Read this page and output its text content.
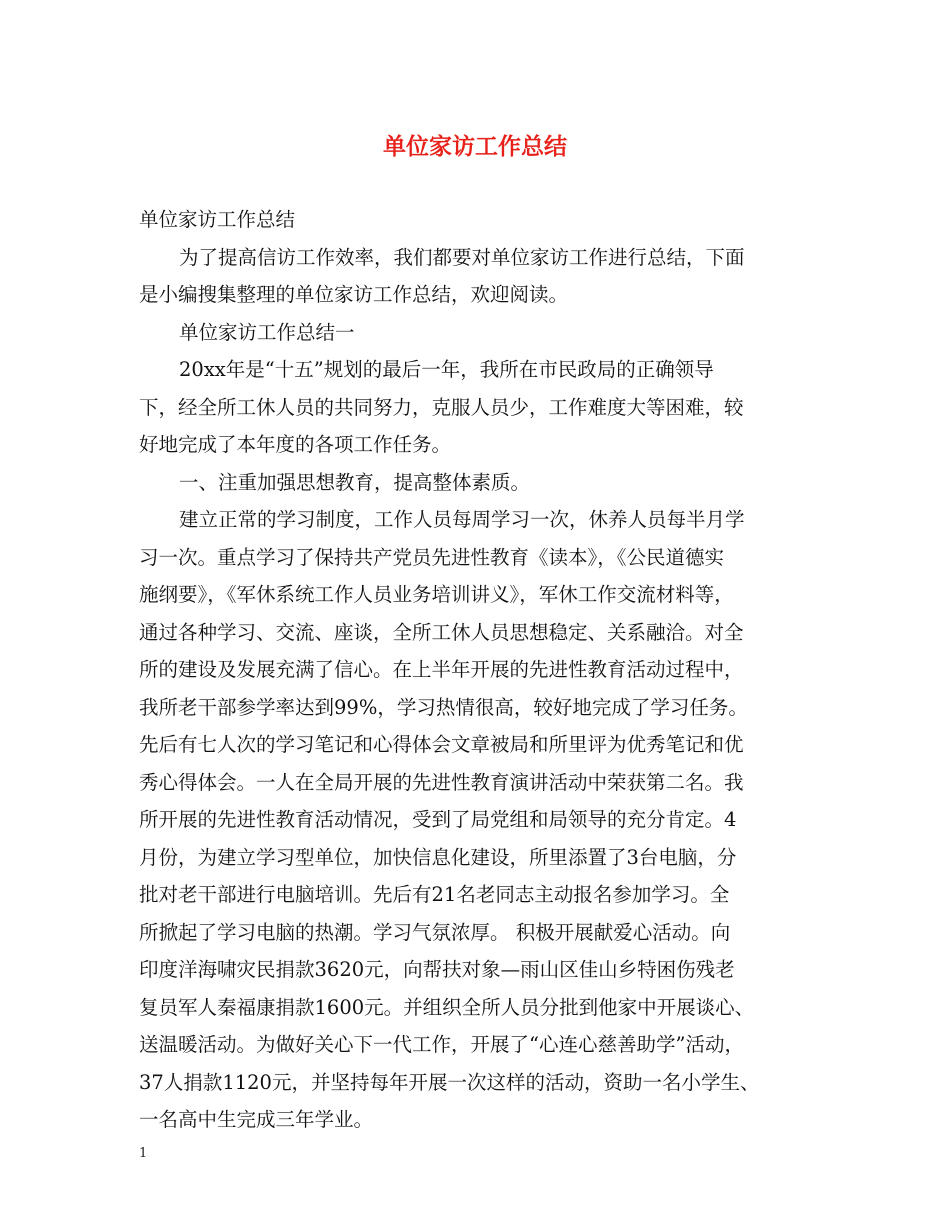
单位家访工作总结
单位家访工作总结
为了提高信访工作效率，我们都要对单位家访工作进行总结，下面
是小编搜集整理的单位家访工作总结，欢迎阅读。
单位家访工作总结一
20xx年是“十五”规划的最后一年，我所在市民政局的正确领导
下，经全所工休人员的共同努力，克服人员少，工作难度大等困难，较
好地完成了本年度的各项工作任务。
一、注重加强思想教育，提高整体素质。
建立正常的学习制度，工作人员每周学习一次，休养人员每半月学
习一次。重点学习了保持共产党员先进性教育《读本》，《公民道德实
施纲要》，《军休系统工作人员业务培训讲义》，军休工作交流材料等，
通过各种学习、交流、座谈，全所工休人员思想稳定、关系融洽。对全
所的建设及发展充满了信心。在上半年开展的先进性教育活动过程中，
我所老干部参学率达到99%，学习热情很高，较好地完成了学习任务。
先后有七人次的学习笔记和心得体会文章被局和所里评为优秀笔记和优
秀心得体会。一人在全局开展的先进性教育演讲活动中荣获第二名。我
所开展的先进性教育活动情况，受到了局党组和局领导的充分肯定。4
月份，为建立学习型单位，加快信息化建设，所里添置了3台电脑，分
批对老干部进行电脑培训。先后有21名老同志主动报名参加学习。全
所掀起了学习电脑的热潮。学习气氛浓厚。 积极开展献爱心活动。向
印度洋海啸灾民捐款3620元，向帮扶对象—雨山区佳山乡特困伤残老
复员军人秦福康捐款1600元。并组织全所人员分批到他家中开展谈心、
送温暖活动。为做好关心下一代工作，开展了“心连心慈善助学”活动，
37人捐款1120元，并坚持每年开展一次这样的活动，资助一名小学生、
一名高中生完成三年学业。
1
